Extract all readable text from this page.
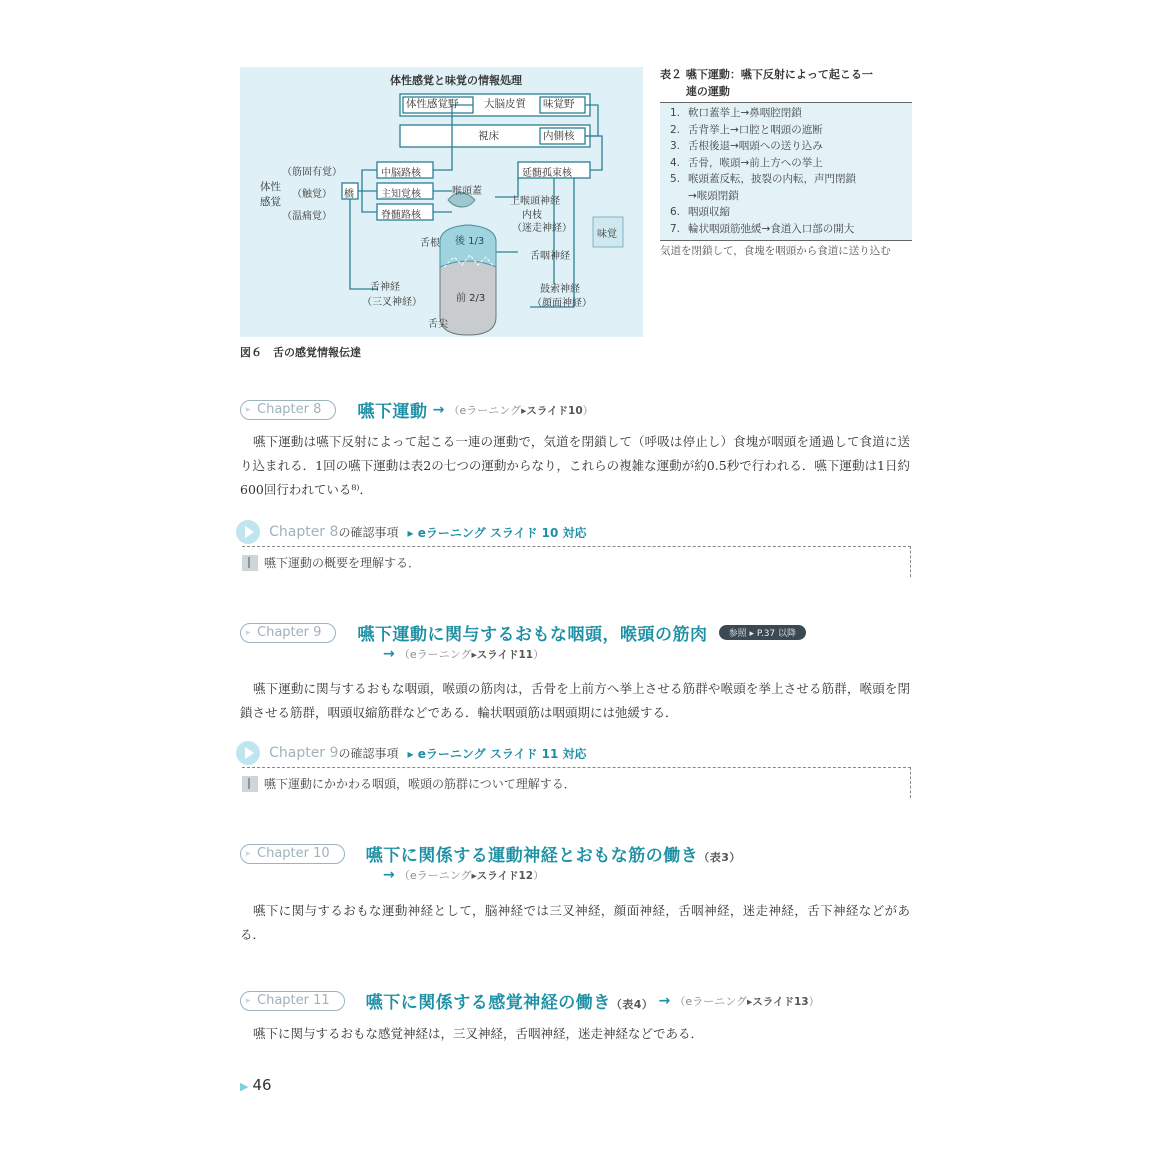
体性感覚と味覚の情報処理
体性感覚野 大脳皮質 味覚野
視床	内側核
中脳路核
主知覚核
脊髄路核
橋
延髄孤束核
（筋固有覚）
（触覚）
（温痛覚）
体性
感覚
喉頭蓋
上喉頭神経
内枝
（迷走神経）
舌咽神経
舌根 後 1/3
前 2/3
舌神経
（三叉神経）
鼓索神経
（顔面神経）
舌尖
味覚
図６　舌の感覚情報伝達
表２ 嚥下運動：嚥下反射によって起こる一
連の運動
1. 軟口蓋挙上→鼻咽腔閉鎖
2. 舌背挙上→口腔と咽頭の遮断
3. 舌根後退→咽頭への送り込み
4. 舌骨，喉頭→前上方への挙上
5. 喉頭蓋反転，披裂の内転，声門閉鎖
→喉頭閉鎖
6. 咽頭収縮
7. 輪状咽頭筋弛緩→食道入口部の開大
気道を閉鎖して，食塊を咽頭から食道に送り込む
▸ Chapter 8 嚥下運動 → （eラーニング▸スライド10）
嚥下運動は嚥下反射によって起こる一連の運動で，気道を閉鎖して（呼吸は停止し）食塊が咽頭を通過して食道に送り込まれる．1回の嚥下運動は表2の七つの運動からなり，これらの複雑な運動が約0.5秒で行われる．嚥下運動は1日約600回行われている⁸⁾．
Chapter 8の確認事項 ▸ eラーニング スライド 10 対応
嚥下運動の概要を理解する．
▸ Chapter 9 嚥下運動に関与するおもな咽頭，喉頭の筋肉 参照 ▸ P.37 以降
→ （eラーニング▸スライド11）
嚥下運動に関与するおもな咽頭，喉頭の筋肉は，舌骨を上前方へ挙上させる筋群や喉頭を挙上させる筋群，喉頭を閉鎖させる筋群，咽頭収縮筋群などである．輪状咽頭筋は咽頭期には弛緩する．
Chapter 9の確認事項 ▸ eラーニング スライド 11 対応
嚥下運動にかかわる咽頭，喉頭の筋群について理解する．
▸ Chapter 10 嚥下に関係する運動神経とおもな筋の働き（表3）
→ （eラーニング▸スライド12）
嚥下に関与するおもな運動神経として，脳神経では三叉神経，顔面神経，舌咽神経，迷走神経，舌下神経などがある．
▸ Chapter 11 嚥下に関係する感覚神経の働き（表4） → （eラーニング▸スライド13）
嚥下に関与するおもな感覚神経は，三叉神経，舌咽神経，迷走神経などである．
▶ 46
